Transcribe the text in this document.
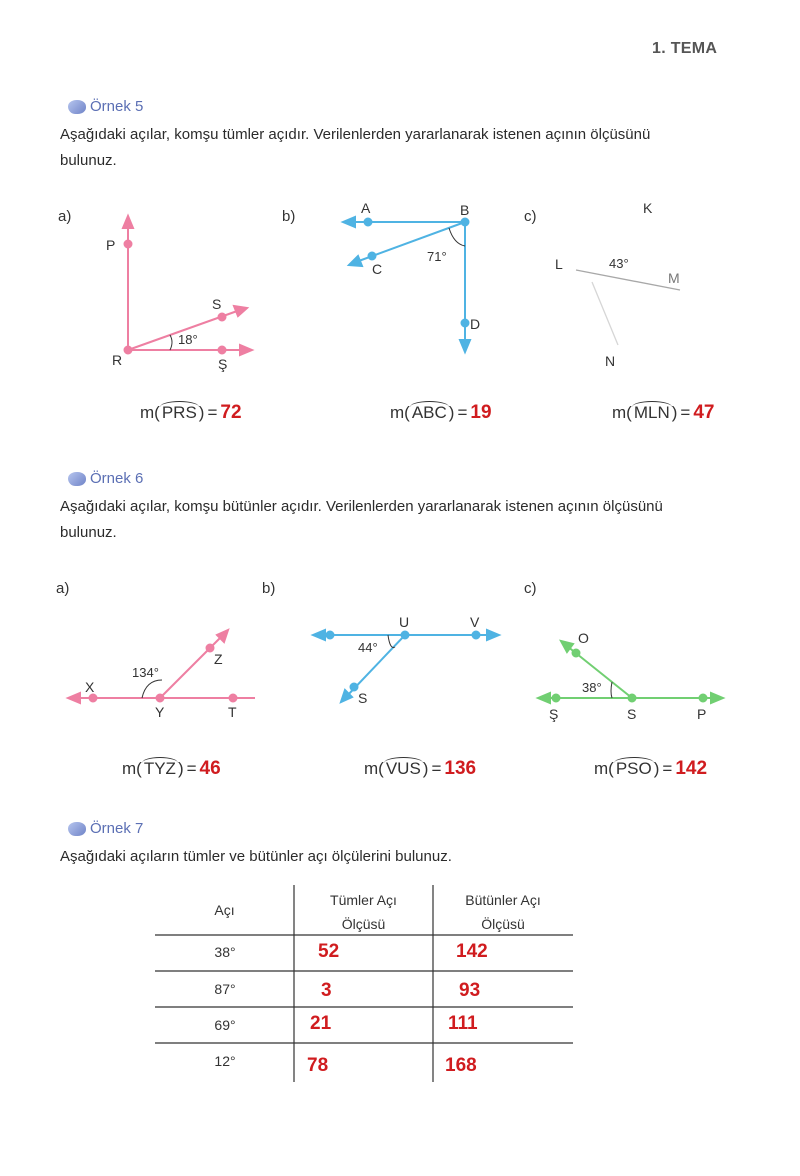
1. TEMA
Örnek 5
Aşağıdaki açılar, komşu tümler açıdır. Verilenlerden yararlanarak istenen açının ölçüsünü
bulunuz.
a)
P
S
R	Ş
18°
m( PRS ) = 72
b)	A	B
C
D
71°
m( ABC ) = 19
c)	K
L
M
N
43°
m( MLN ) = 47
Örnek 6
Aşağıdaki açılar, komşu bütünler açıdır. Verilenlerden yararlanarak istenen açının ölçüsünü
bulunuz.
a)
X
Y
Z
T
134°
m( TYZ ) = 46
b)
U	V
S
44°
m( VUS ) = 136
c)
O
Ş	S	P
38°
m( PSO ) = 142
Örnek 7
Aşağıdaki açıların tümler ve bütünler açı ölçülerini bulunuz.
Açı
Tümler Açı
Ölçüsü
Bütünler Açı
Ölçüsü
38°	52	142
87°	3	93
69°	21	111
12°	78	168
